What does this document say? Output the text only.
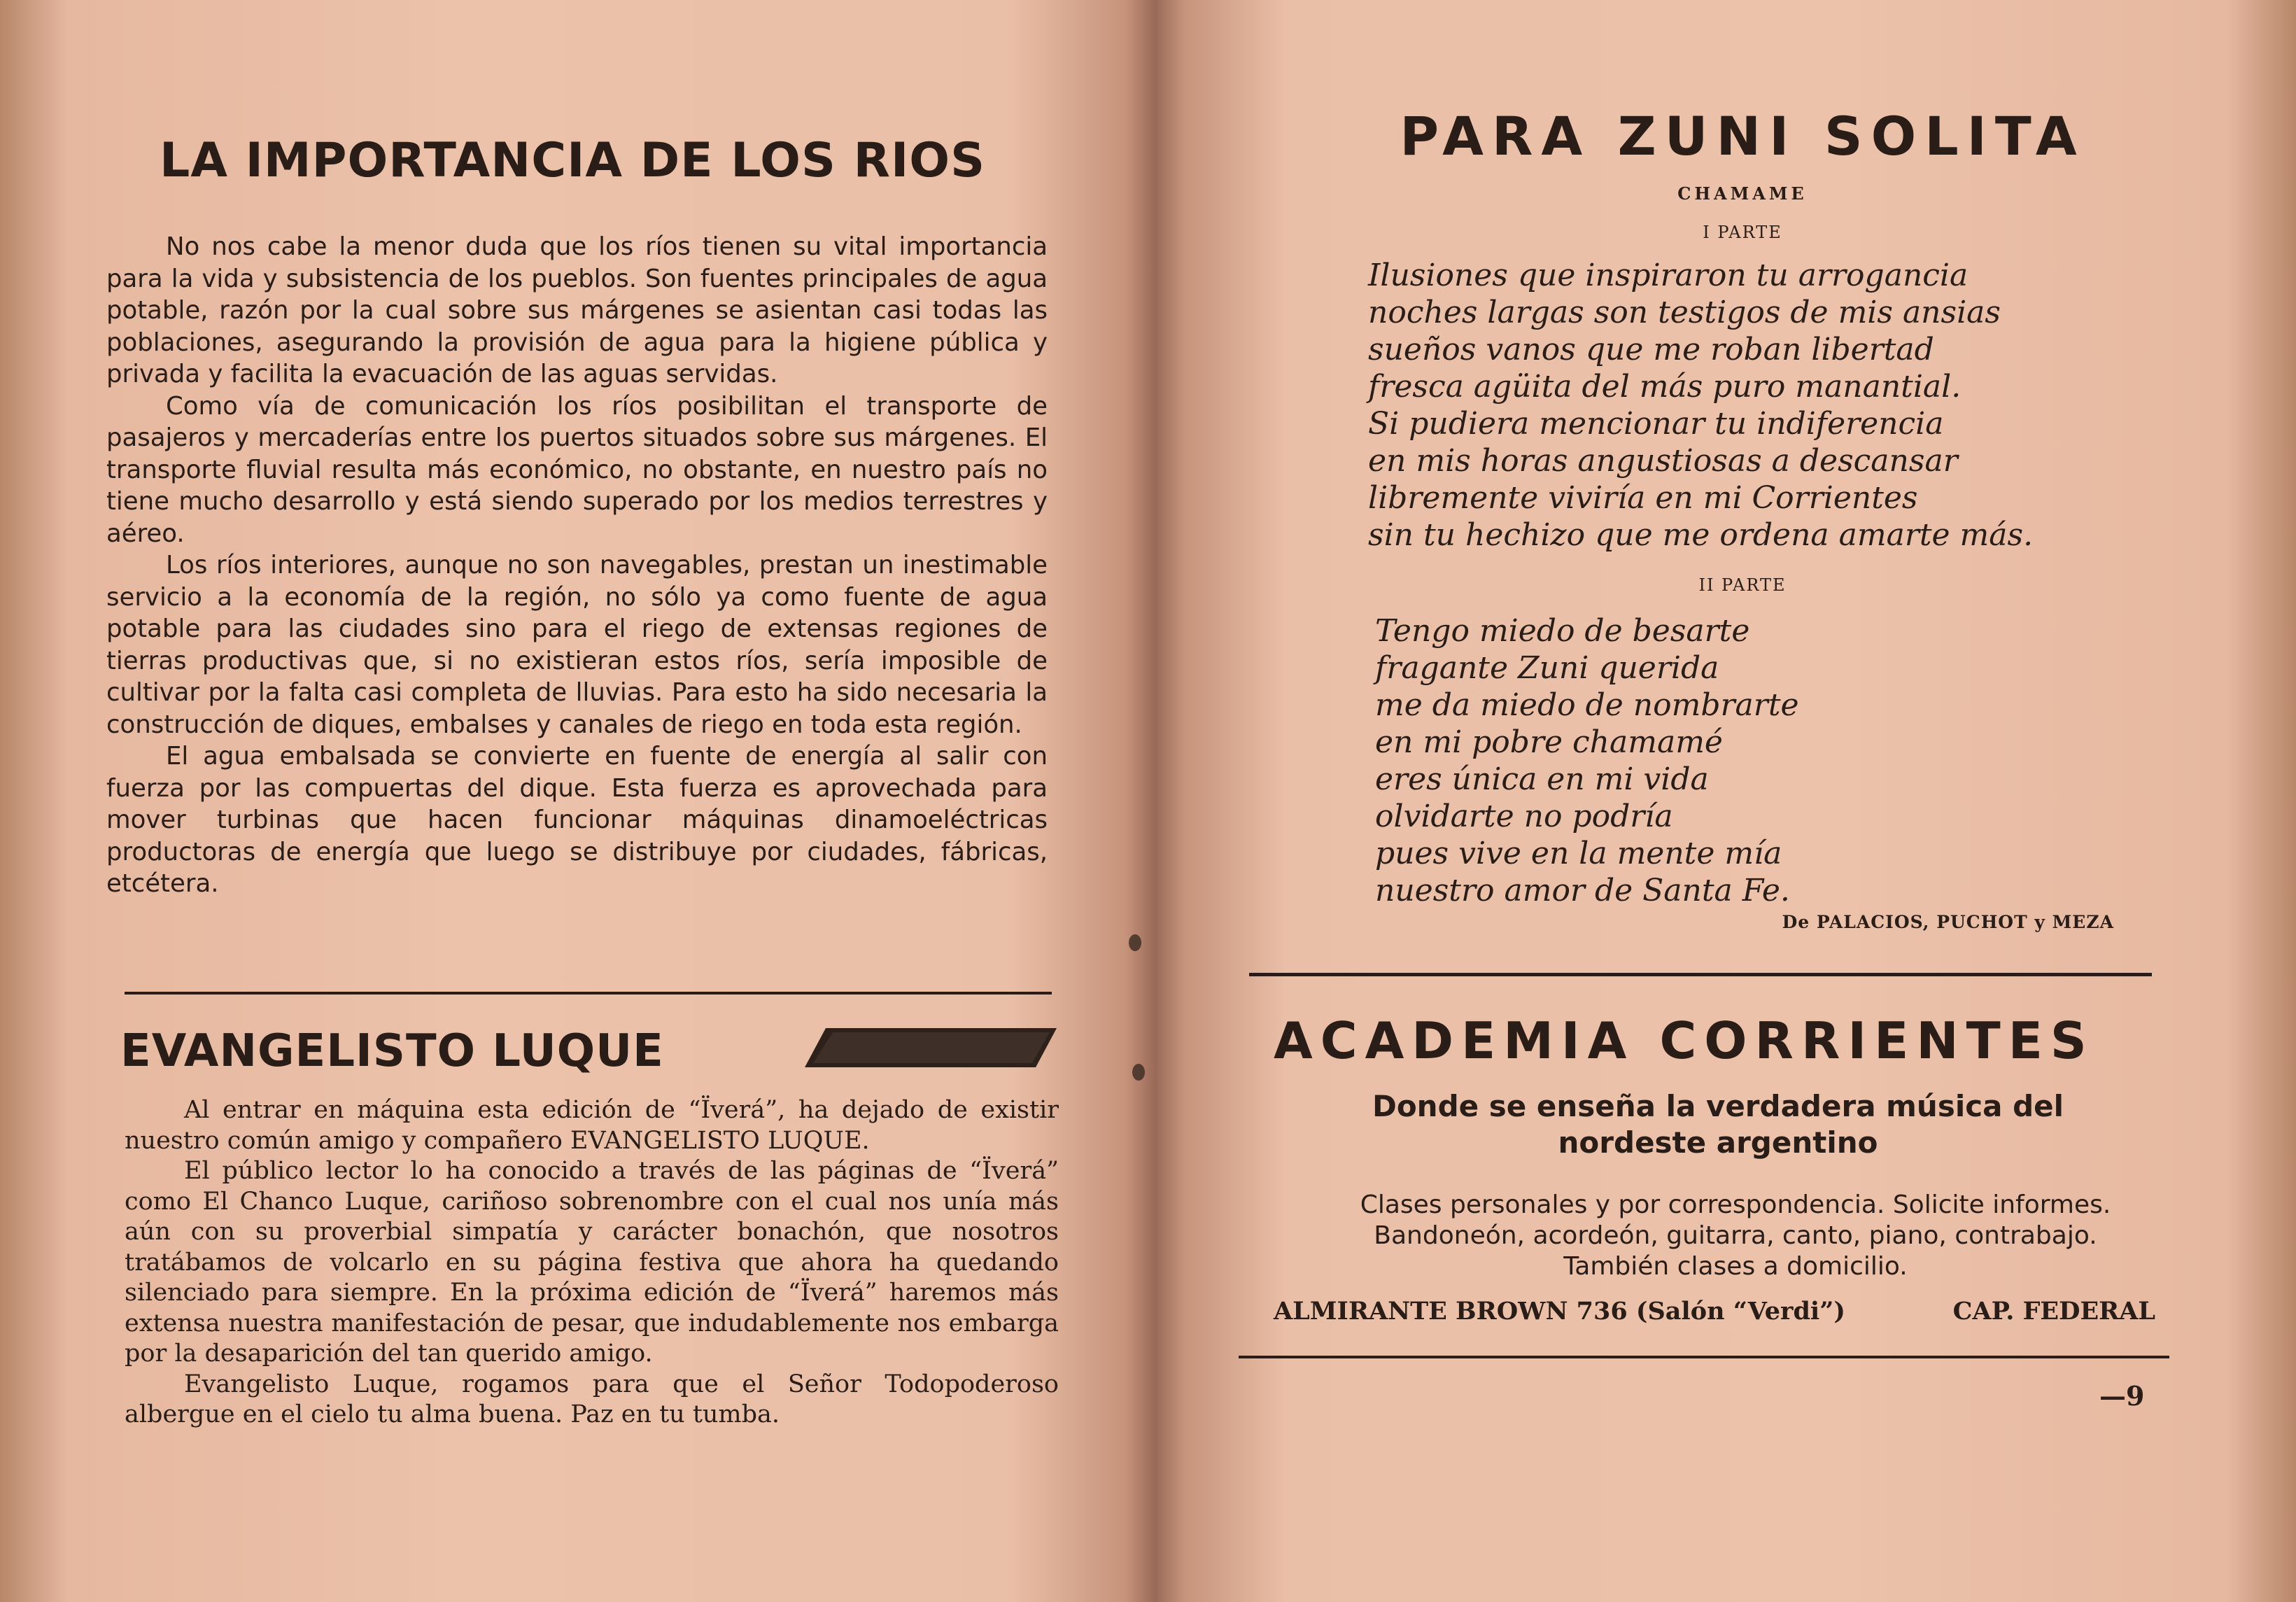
LA IMPORTANCIA DE LOS RIOS

No nos cabe la menor duda que los ríos tienen su vital importancia para la vida y subsistencia de los pueblos. Son fuentes principales de agua potable, razón por la cual sobre sus márgenes se asientan casi todas las poblaciones, asegurando la provisión de agua para la higiene pública y privada y facilita la evacuación de las aguas servidas.

Como vía de comunicación los ríos posibilitan el transporte de pasajeros y mercaderías entre los puertos situados sobre sus márgenes. El transporte fluvial resulta más económico, no obstante, en nuestro país no tiene mucho desarrollo y está siendo superado por los medios terrestres y aéreo.

Los ríos interiores, aunque no son navegables, prestan un inestimable servicio a la economía de la región, no sólo ya como fuente de agua potable para las ciudades sino para el riego de extensas regiones de tierras productivas que, si no existieran estos ríos, sería imposible de cultivar por la falta casi completa de lluvias. Para esto ha sido necesaria la construcción de diques, embalses y canales de riego en toda esta región.

El agua embalsada se convierte en fuente de energía al salir con fuerza por las compuertas del dique. Esta fuerza es aprovechada para mover turbinas que hacen funcionar máquinas dinamoeléctricas productoras de energía que luego se distribuye por ciudades, fábricas, etcétera.

EVANGELISTO LUQUE

Al entrar en máquina esta edición de “Ïverá”, ha dejado de existir nuestro común amigo y compañero EVANGELISTO LUQUE.

El público lector lo ha conocido a través de las páginas de “Ïverá” como El Chanco Luque, cariñoso sobrenombre con el cual nos unía más aún con su proverbial simpatía y carácter bonachón, que nosotros tratábamos de volcarlo en su página festiva que ahora ha quedando silenciado para siempre. En la próxima edición de “Ïverá” haremos más extensa nuestra manifestación de pesar, que indudablemente nos embarga por la desaparición del tan querido amigo.

Evangelisto Luque, rogamos para que el Señor Todopoderoso albergue en el cielo tu alma buena. Paz en tu tumba.

PARA ZUNI SOLITA
CHAMAME
I PARTE
Ilusiones que inspiraron tu arrogancia
noches largas son testigos de mis ansias
sueños vanos que me roban libertad
fresca agüita del más puro manantial.
Si pudiera mencionar tu indiferencia
en mis horas angustiosas a descansar
libremente viviría en mi Corrientes
sin tu hechizo que me ordena amarte más.
II PARTE
Tengo miedo de besarte
fragante Zuni querida
me da miedo de nombrarte
en mi pobre chamamé
eres única en mi vida
olvidarte no podría
pues vive en la mente mía
nuestro amor de Santa Fe.
De PALACIOS, PUCHOT y MEZA
ACADEMIA CORRIENTES
Donde se enseña la verdadera música del
nordeste argentino
Clases personales y por correspondencia. Solicite informes.
Bandoneón, acordeón, guitarra, canto, piano, contrabajo.
También clases a domicilio.
ALMIRANTE BROWN 736 (Salón “Verdi”)	CAP. FEDERAL
—9
